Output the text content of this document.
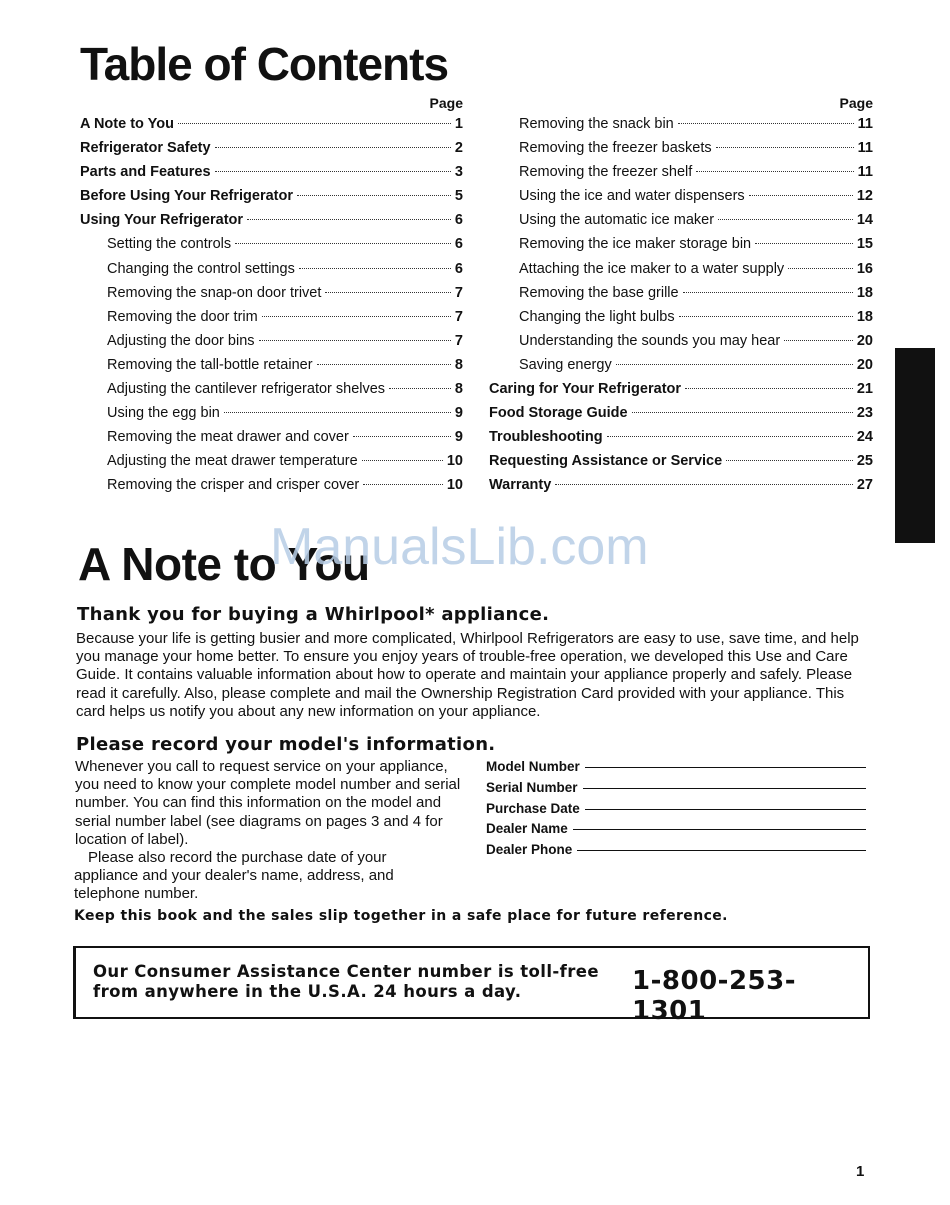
Table of Contents
Page
A Note to You	1
Refrigerator Safety	2
Parts and Features	3
Before Using Your Refrigerator	5
Using Your Refrigerator	6
Setting the controls	6
Changing the control settings	6
Removing the snap-on door trivet	7
Removing the door trim	7
Adjusting the door bins	7
Removing the tall-bottle retainer	8
Adjusting the cantilever refrigerator shelves	8
Using the egg bin	9
Removing the meat drawer and cover	9
Adjusting the meat drawer temperature	10
Removing the crisper and crisper cover	10
Page
Removing the snack bin	11
Removing the freezer baskets	11
Removing the freezer shelf	11
Using the ice and water dispensers	12
Using the automatic ice maker	14
Removing the ice maker storage bin	15
Attaching the ice maker to a water supply	16
Removing the base grille	18
Changing the light bulbs	18
Understanding the sounds you may hear	20
Saving energy	20
Caring for Your Refrigerator	21
Food Storage Guide	23
Troubleshooting	24
Requesting Assistance or Service	25
Warranty	27
A Note to You
ManualsLib.com
Thank you for buying a Whirlpool* appliance.

Because your life is getting busier and more complicated, Whirlpool Refrigerators are easy to use, save time, and help you manage your home better. To ensure you enjoy years of trouble-free operation, we developed this Use and Care Guide. It contains valuable information about how to operate and maintain your appliance properly and safely. Please read it carefully. Also, please complete and mail the Ownership Registration Card provided with your appliance. This card helps us notify you about any new information on your appliance.

Please record your model's information.

Whenever you call to request service on your appliance, you need to know your complete model number and serial number. You can find this information on the model and serial number label (see diagrams on pages 3 and 4 for location of label).

Please also record the purchase date of your appliance and your dealer's name, address, and telephone number.

Model Number
Serial Number
Purchase Date
Dealer Name
Dealer Phone

Keep this book and the sales slip together in a safe place for future reference.

Our Consumer Assistance Center number is toll-free from anywhere in the U.S.A. 24 hours a day.	1-800-253-1301

1
